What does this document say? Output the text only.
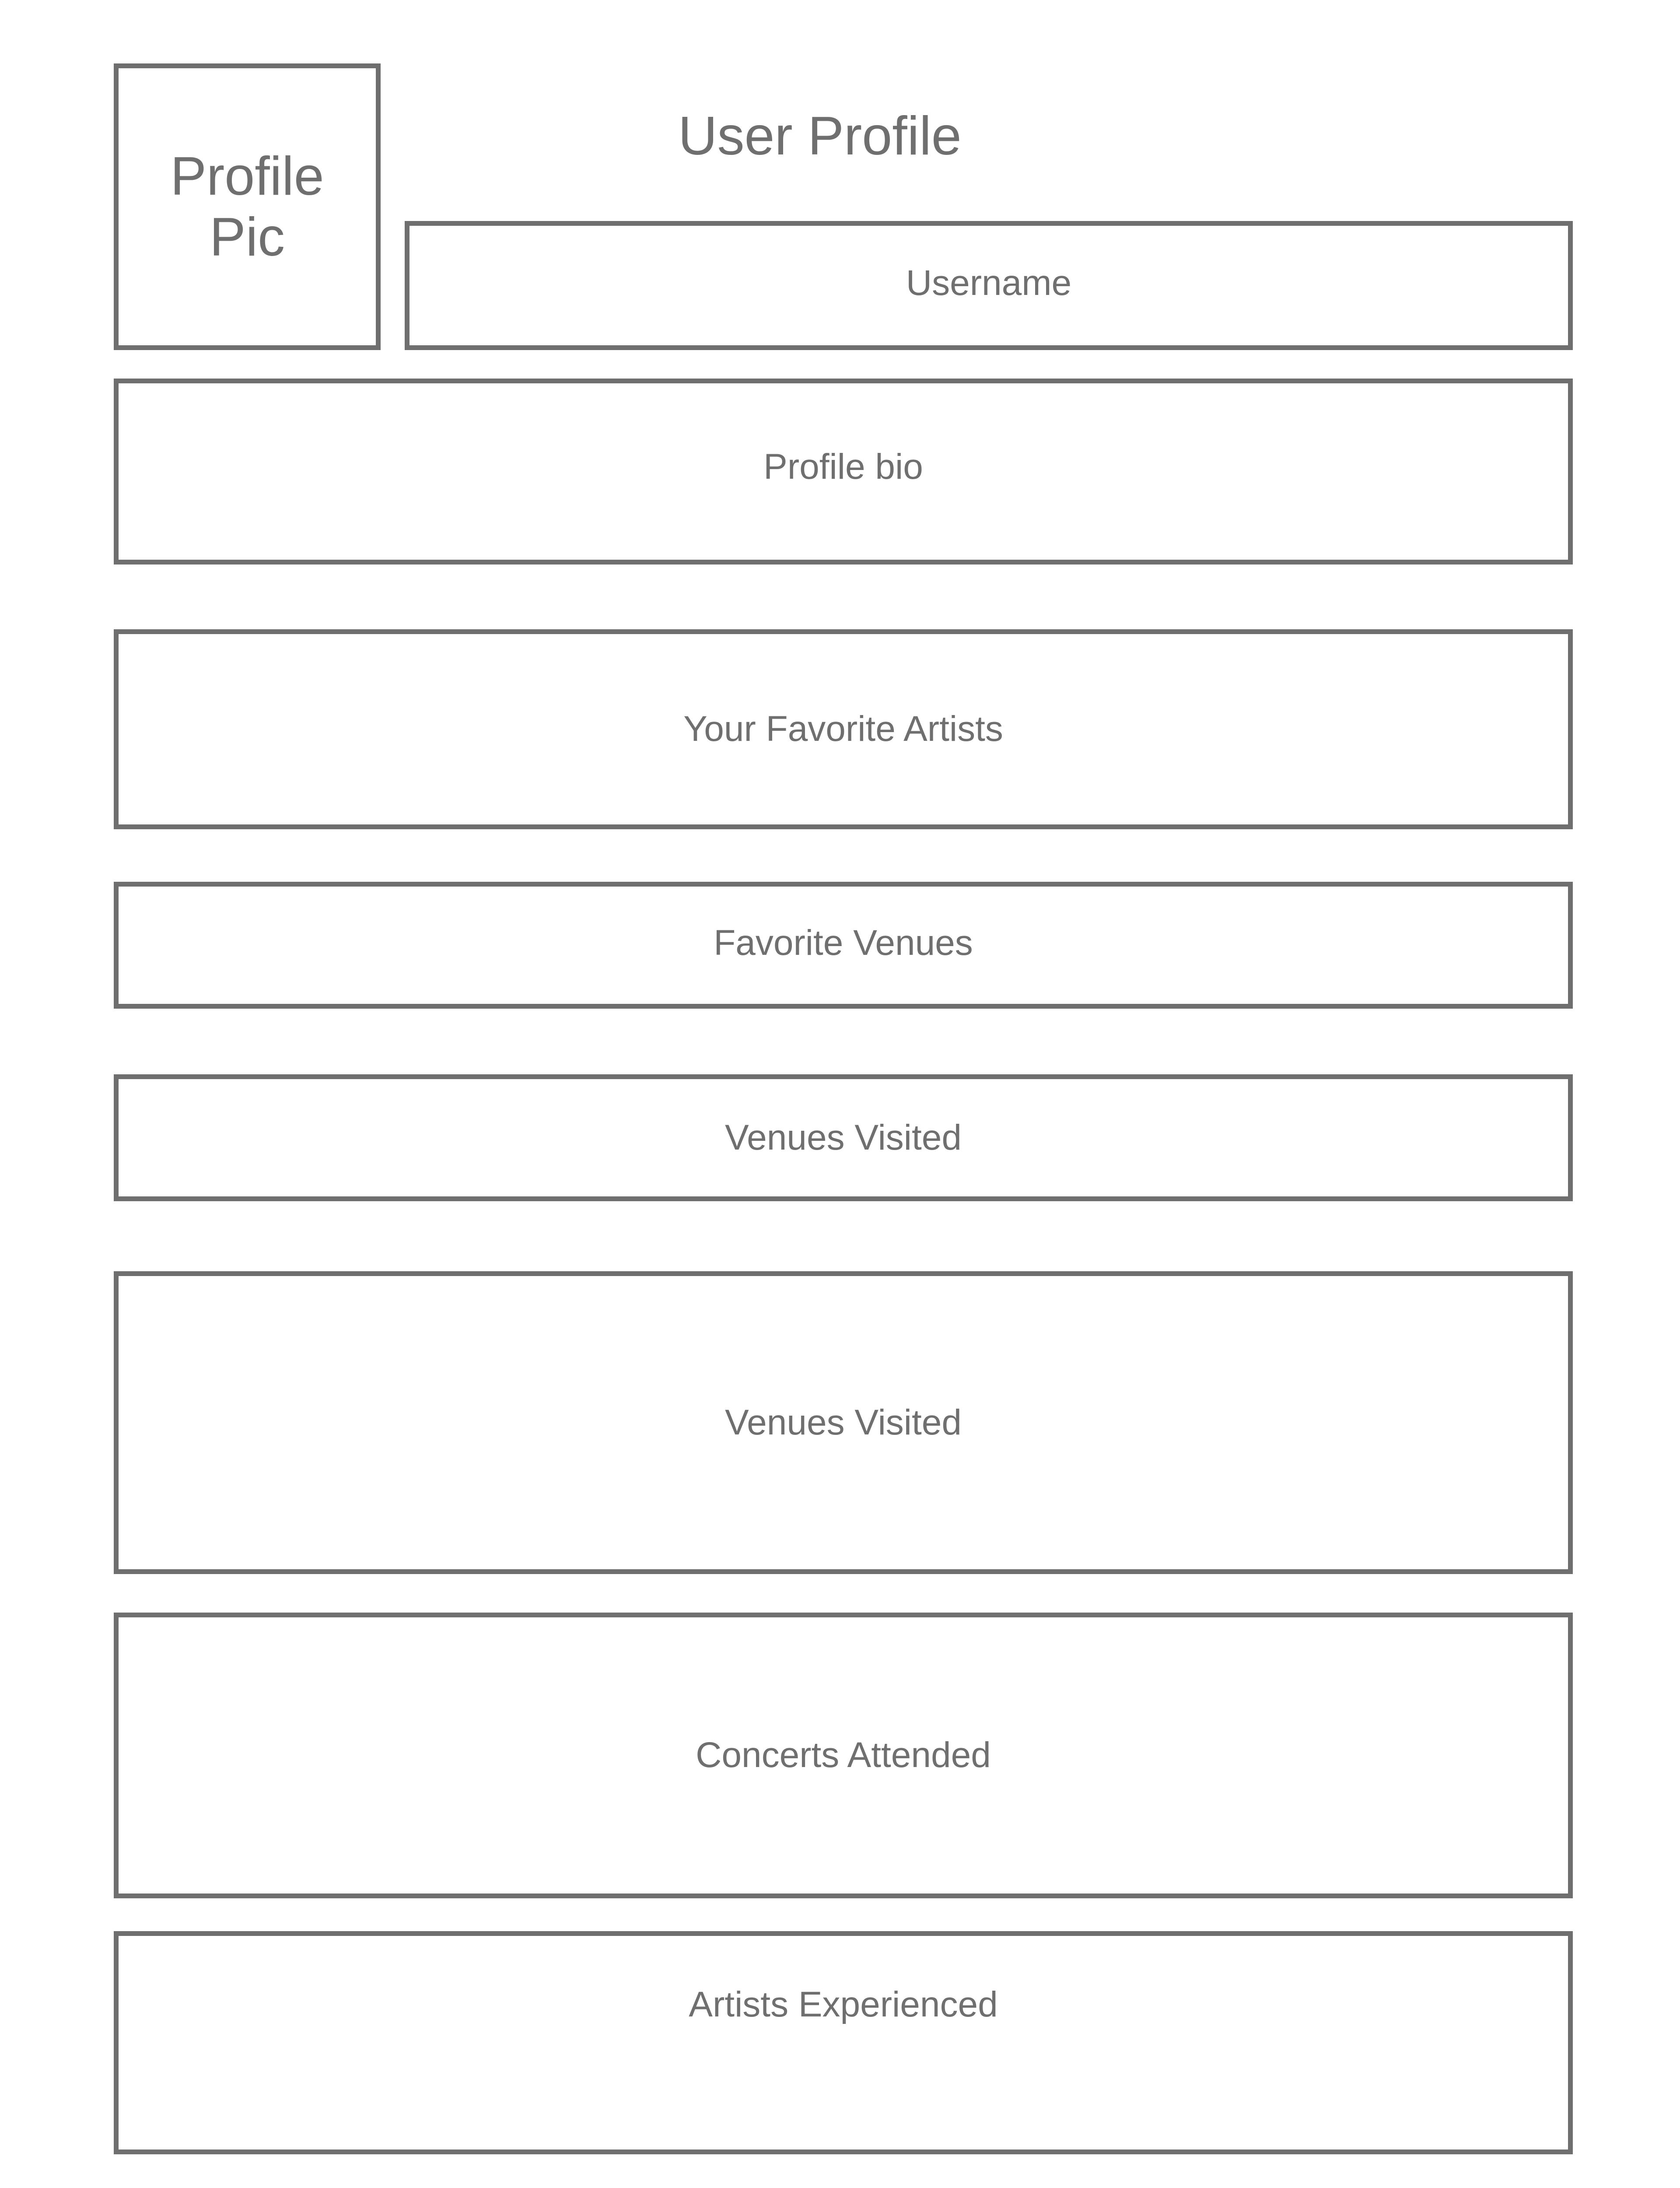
Profile
Pic
User Profile
Username
Profile bio
Your Favorite Artists
Favorite Venues
Venues Visited
Venues Visited
Concerts Attended
Artists Experienced
